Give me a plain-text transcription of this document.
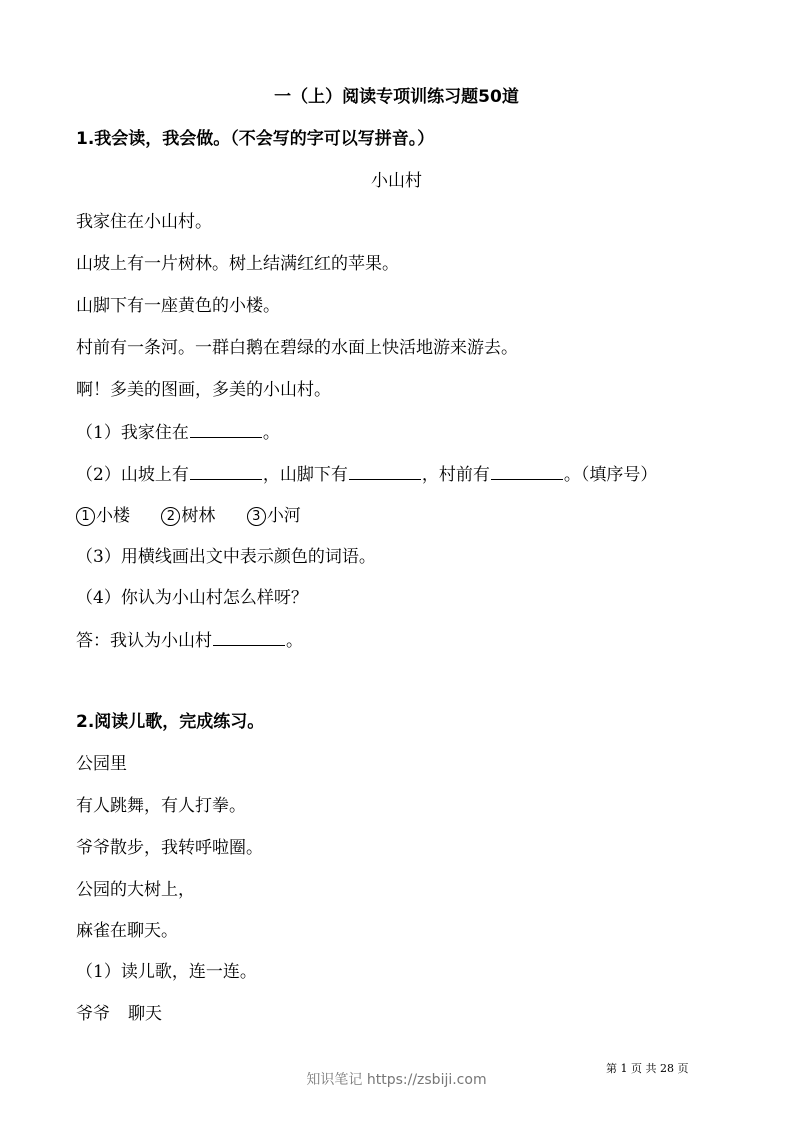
一（上）阅读专项训练习题50道
1.我会读，我会做。（不会写的字可以写拼音。）
小山村
我家住在小山村。
山坡上有一片树林。树上结满红红的苹果。
山脚下有一座黄色的小楼。
村前有一条河。一群白鹅在碧绿的水面上快活地游来游去。
啊！多美的图画，多美的小山村。
（1）我家住在	。
（2）山坡上有	，山脚下有	，村前有	。（填序号）
1 小楼	2 树林	3 小河
（3）用横线画出文中表示颜色的词语。
（4）你认为小山村怎么样呀？
答：我认为小山村	。
2.阅读儿歌，完成练习。
公园里
有人跳舞，有人打拳。
爷爷散步，我转呼啦圈。
公园的大树上，
麻雀在聊天。
（1）读儿歌，连一连。
爷爷 聊天
第 1 页 共 28 页
知识笔记 https://zsbiji.com
